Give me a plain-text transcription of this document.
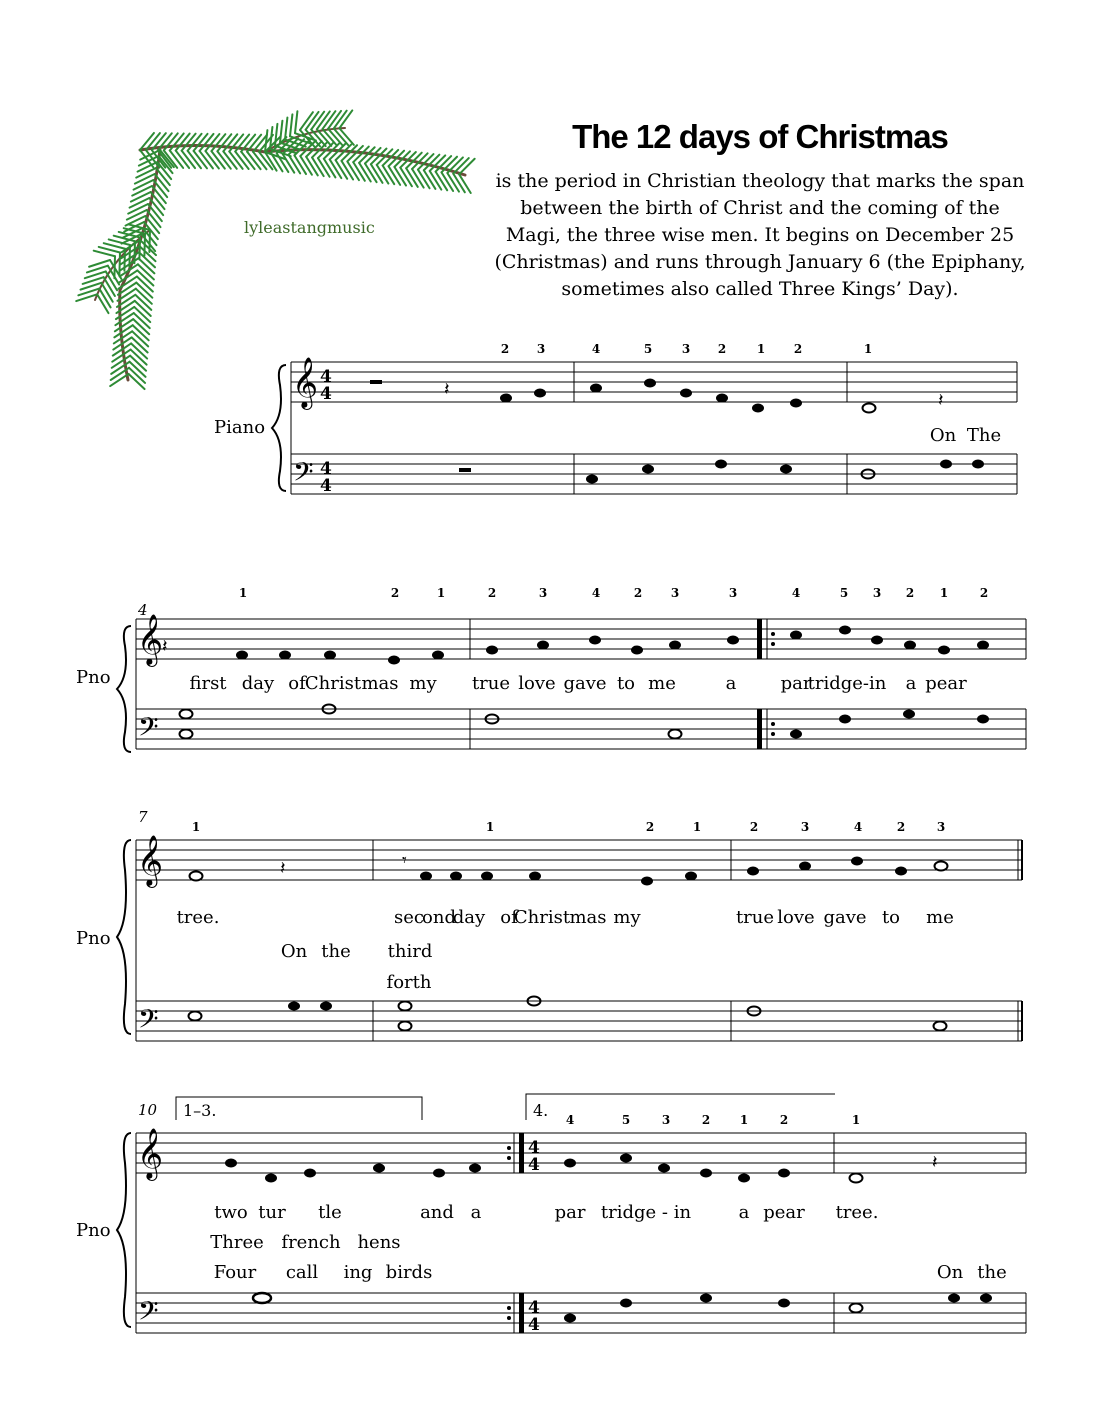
The 12 days of Christmas

is the period in Christian theology that marks the span between the birth of Christ and the coming of the Magi, the three wise men. It begins on December 25 (Christmas) and runs through January 6 (the Epiphany, sometimes also called Three Kings’ Day).

lyleastangmusic
Piano
𝄞
𝄢
4
4
4
4
𝄽
𝄽
4
Pno
𝄞
𝄢
𝄽
7
Pno
𝄞
𝄢
𝄽	𝄾
10
Pno
1–3.	4.
𝄞
𝄢
4
4
4
4
𝄽
2 3	4	5 3 2	1 2	1
1	2	1	2	3	4	2 3	3	4	5 3 2 1	2
1	1	2	1	2	3	4	2	3
4	5	3	2 1	2	1
On The
first day of Christ mas my true love gave to me	a par
tridge-in a pear
tree.	sec
ond
day of
Christ mas my	true love gave to me
On the third
forth
two tur tle	and a	par tridge - in	a pear tree.
Three french hens
Four call ing birds	On the
